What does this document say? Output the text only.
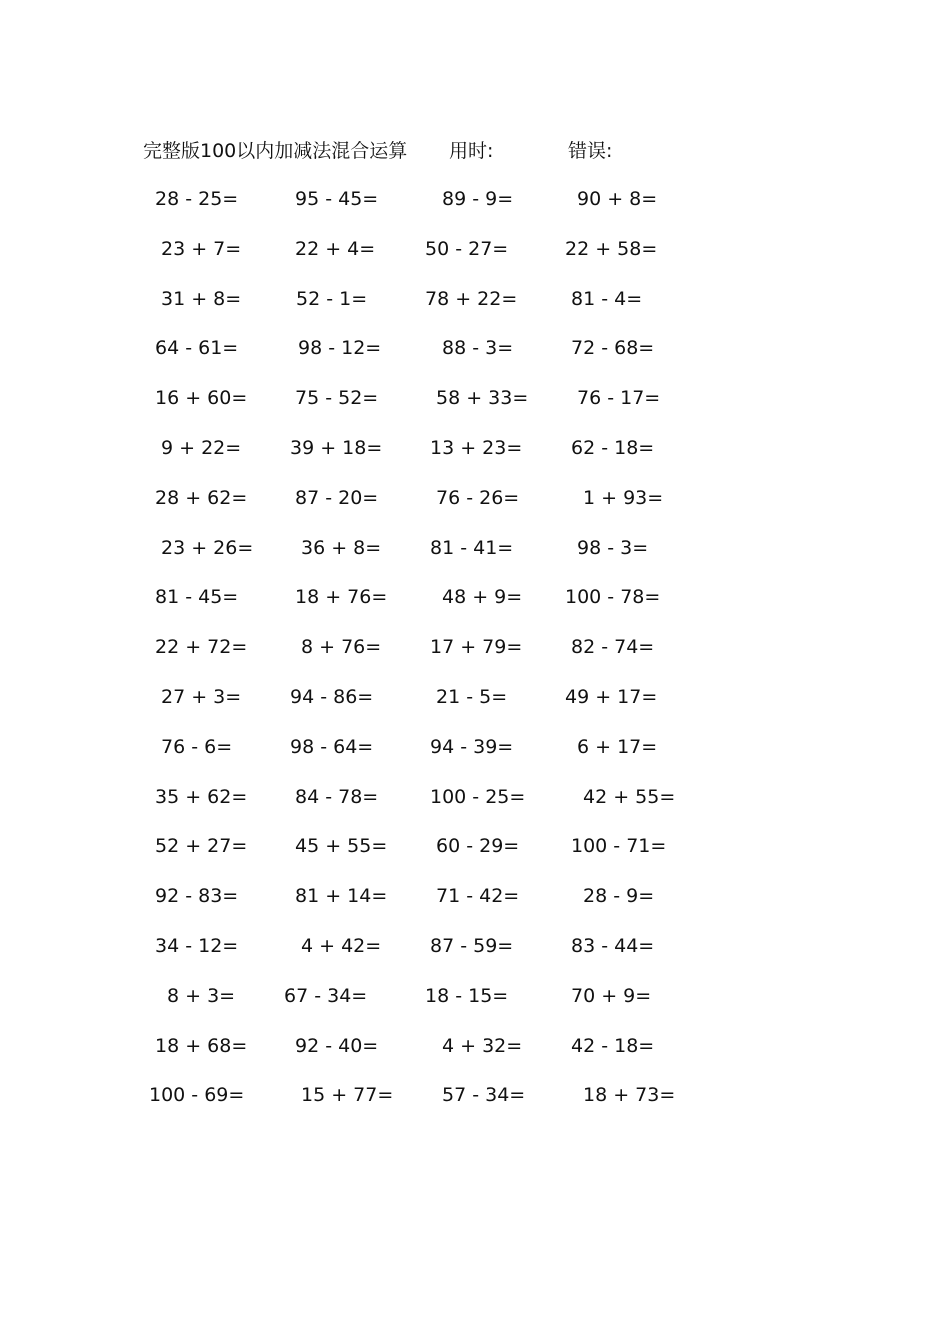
完整版100以内加减法混合运算 用时:	错误:
28 - 25=	95 - 45=	89 - 9=	90 + 8=
23 + 7=	22 + 4=	50 - 27=	22 + 58=
31 + 8=	52 - 1=	78 + 22=	81 - 4=
64 - 61=	98 - 12=	88 - 3=	72 - 68=
16 + 60=	75 - 52=	58 + 33=	76 - 17=
9 + 22=	39 + 18=	13 + 23=	62 - 18=
28 + 62=	87 - 20=	76 - 26=	1 + 93=
23 + 26=	36 + 8=	81 - 41=	98 - 3=
81 - 45=	18 + 76=	48 + 9= 100 - 78=
22 + 72=	8 + 76=	17 + 79=	82 - 74=
27 + 3=	94 - 86=	21 - 5=	49 + 17=
76 - 6=	98 - 64=	94 - 39=	6 + 17=
35 + 62=	84 - 78=	100 - 25=	42 + 55=
52 + 27=	45 + 55=	60 - 29=	100 - 71=
92 - 83=	81 + 14=	71 - 42=	28 - 9=
34 - 12=	4 + 42=	87 - 59=	83 - 44=
8 + 3=	67 - 34=	18 - 15=	70 + 9=
18 + 68=	92 - 40=	4 + 32=	42 - 18=
100 - 69=	15 + 77=	57 - 34=	18 + 73=
